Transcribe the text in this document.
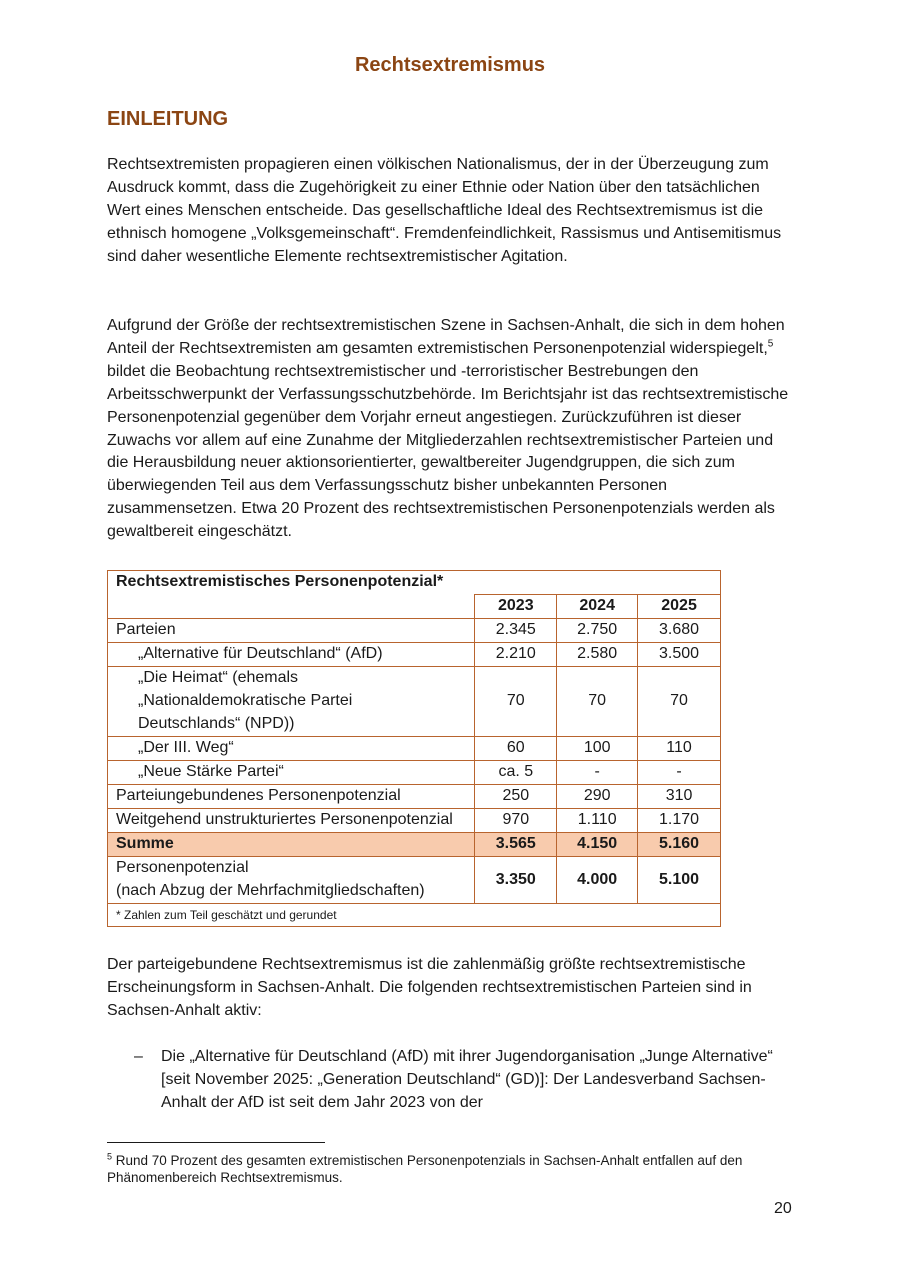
Rechtsextremismus
EINLEITUNG

Rechtsextremisten propagieren einen völkischen Nationalismus, der in der Überzeugung zum Ausdruck kommt, dass die Zugehörigkeit zu einer Ethnie oder Nation über den tatsächlichen Wert eines Menschen entscheide. Das gesellschaftliche Ideal des Rechtsextremismus ist die ethnisch homogene „Volksgemeinschaft“. Fremdenfeindlichkeit, Rassismus und Antisemitismus sind daher wesentliche Elemente rechtsextremistischer Agitation.

Aufgrund der Größe der rechtsextremistischen Szene in Sachsen-Anhalt, die sich in dem hohen Anteil der Rechtsextremisten am gesamten extremistischen Personenpotenzial widerspiegelt,$^5$ bildet die Beobachtung rechtsextremistischer und -terroristischer Bestrebungen den Arbeitsschwerpunkt der Verfassungsschutzbehörde. Im Berichtsjahr ist das rechtsextremistische Personenpotenzial gegenüber dem Vorjahr erneut angestiegen. Zurückzuführen ist dieser Zuwachs vor allem auf eine Zunahme der Mitgliederzahlen rechtsextremistischer Parteien und die Herausbildung neuer aktionsorientierter, gewaltbereiter Jugendgruppen, die sich zum überwiegenden Teil aus dem Verfassungsschutz bisher unbekannten Personen zusammensetzen. Etwa 20 Prozent des rechtsextremistischen Personenpotenzials werden als gewaltbereit eingeschätzt.

Rechtsextremistisches Personenpotenzial*			
	2023	2024	2025
Parteien	2.345	2.750	3.680
„Alternative für Deutschland“ (AfD)	2.210	2.580	3.500

„Die Heimat“ (ehemals
„Nationaldemokratische Partei
Deutschlands“ (NPD))	70	70	70
„Der III. Weg“	60	100	110
„Neue Stärke Partei“	ca. 5	-	-
Parteiungebundenes Personenpotenzial	250	290	310
Weitgehend unstrukturiertes Personenpotenzial	970	1.110	1.170
Summe	3.565	4.150	5.160

Personenpotenzial
(nach Abzug der Mehrfachmitgliedschaften)	3.350	4.000	5.100
* Zahlen zum Teil geschätzt und gerundet			

Der parteigebundene Rechtsextremismus ist die zahlenmäßig größte rechtsextremistische Erscheinungsform in Sachsen-Anhalt. Die folgenden rechtsextremistischen Parteien sind in Sachsen-Anhalt aktiv:

– Die „Alternative für Deutschland (AfD) mit ihrer Jugendorganisation „Junge Alternative“ [seit November 2025: „Generation Deutschland“ (GD)]: Der Landesverband Sachsen-Anhalt der AfD ist seit dem Jahr 2023 von der
$^5$ Rund 70 Prozent des gesamten extremistischen Personenpotenzials in Sachsen-Anhalt entfallen auf den Phänomenbereich Rechtsextremismus.
20
